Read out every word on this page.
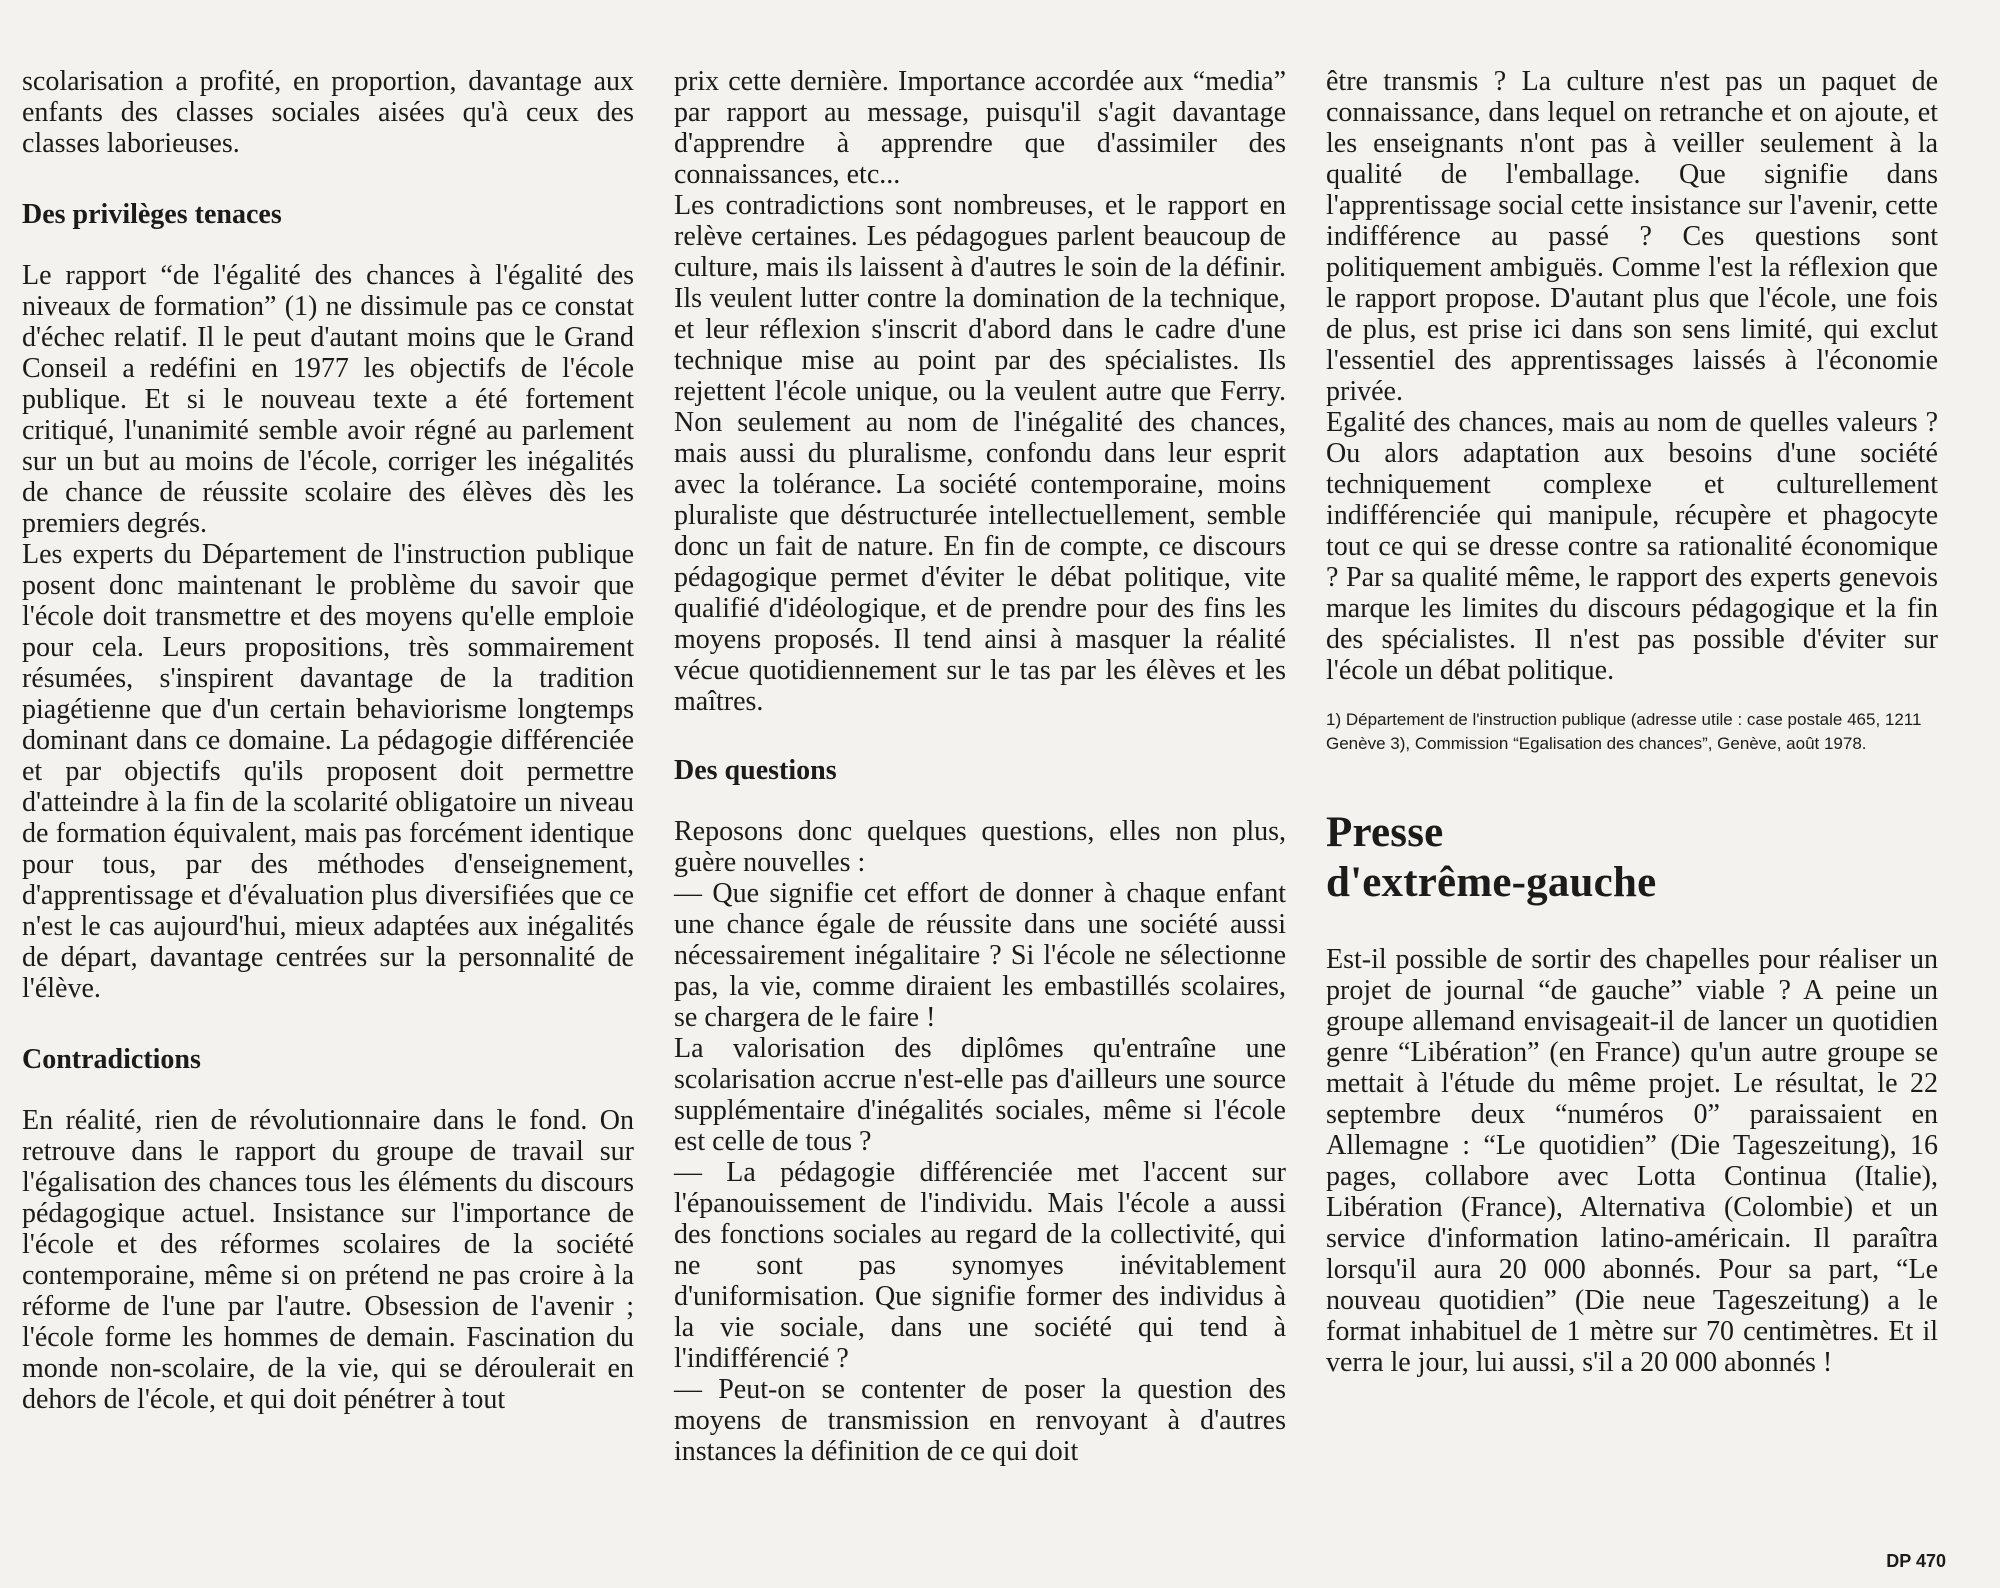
scolarisation a profité, en proportion, davantage aux enfants des classes sociales aisées qu'à ceux des classes laborieuses.

Des privilèges tenaces

Le rapport “de l'égalité des chances à l'égalité des niveaux de formation” (1) ne dissimule pas ce constat d'échec relatif. Il le peut d'autant moins que le Grand Conseil a redéfini en 1977 les objectifs de l'école publique. Et si le nouveau texte a été fortement critiqué, l'unanimité semble avoir régné au parlement sur un but au moins de l'école, corriger les inégalités de chance de réussite scolaire des élèves dès les premiers degrés.

Les experts du Département de l'instruction publique posent donc maintenant le problème du savoir que l'école doit transmettre et des moyens qu'elle emploie pour cela. Leurs propositions, très sommairement résumées, s'inspirent davantage de la tradition piagétienne que d'un certain behaviorisme longtemps dominant dans ce domaine. La pédagogie différenciée et par objectifs qu'ils proposent doit permettre d'atteindre à la fin de la scolarité obligatoire un niveau de formation équivalent, mais pas forcément identique pour tous, par des méthodes d'enseignement, d'apprentissage et d'évaluation plus diversifiées que ce n'est le cas aujourd'hui, mieux adaptées aux inégalités de départ, davantage centrées sur la personnalité de l'élève.

Contradictions

En réalité, rien de révolutionnaire dans le fond. On retrouve dans le rapport du groupe de travail sur l'égalisation des chances tous les éléments du discours pédagogique actuel. Insistance sur l'importance de l'école et des réformes scolaires de la société contemporaine, même si on prétend ne pas croire à la réforme de l'une par l'autre. Obsession de l'avenir ; l'école forme les hommes de demain. Fascination du monde non-scolaire, de la vie, qui se déroulerait en dehors de l'école, et qui doit pénétrer à tout

prix cette dernière. Importance accordée aux “media” par rapport au message, puisqu'il s'agit davantage d'apprendre à apprendre que d'assimiler des connaissances, etc...

Les contradictions sont nombreuses, et le rapport en relève certaines. Les pédagogues parlent beaucoup de culture, mais ils laissent à d'autres le soin de la définir. Ils veulent lutter contre la domination de la technique, et leur réflexion s'inscrit d'abord dans le cadre d'une technique mise au point par des spécialistes. Ils rejettent l'école unique, ou la veulent autre que Ferry. Non seulement au nom de l'inégalité des chances, mais aussi du pluralisme, confondu dans leur esprit avec la tolérance. La société contemporaine, moins pluraliste que déstructurée intellectuellement, semble donc un fait de nature. En fin de compte, ce discours pédagogique permet d'éviter le débat politique, vite qualifié d'idéologique, et de prendre pour des fins les moyens proposés. Il tend ainsi à masquer la réalité vécue quotidiennement sur le tas par les élèves et les maîtres.

Des questions

Reposons donc quelques questions, elles non plus, guère nouvelles :

— Que signifie cet effort de donner à chaque enfant une chance égale de réussite dans une société aussi nécessairement inégalitaire ? Si l'école ne sélectionne pas, la vie, comme diraient les embastillés scolaires, se chargera de le faire !

La valorisation des diplômes qu'entraîne une scolarisation accrue n'est-elle pas d'ailleurs une source supplémentaire d'inégalités sociales, même si l'école est celle de tous ?

— La pédagogie différenciée met l'accent sur l'épanouissement de l'individu. Mais l'école a aussi des fonctions sociales au regard de la collectivité, qui ne sont pas synomyes inévitablement d'uniformisation. Que signifie former des individus à la vie sociale, dans une société qui tend à l'indifférencié ?

— Peut-on se contenter de poser la question des moyens de transmission en renvoyant à d'autres instances la définition de ce qui doit

être transmis ? La culture n'est pas un paquet de connaissance, dans lequel on retranche et on ajoute, et les enseignants n'ont pas à veiller seulement à la qualité de l'emballage. Que signifie dans l'apprentissage social cette insistance sur l'avenir, cette indifférence au passé ? Ces questions sont politiquement ambiguës. Comme l'est la réflexion que le rapport propose. D'autant plus que l'école, une fois de plus, est prise ici dans son sens limité, qui exclut l'essentiel des apprentissages laissés à l'économie privée.

Egalité des chances, mais au nom de quelles valeurs ? Ou alors adaptation aux besoins d'une société techniquement complexe et culturellement indifférenciée qui manipule, récupère et phagocyte tout ce qui se dresse contre sa rationalité économique ? Par sa qualité même, le rapport des experts genevois marque les limites du discours pédagogique et la fin des spécialistes. Il n'est pas possible d'éviter sur l'école un débat politique.

1) Département de l'instruction publique (adresse utile : case postale 465, 1211 Genève 3), Commission “Egalisation des chances”, Genève, août 1978.
Presse
d'extrême-gauche

Est-il possible de sortir des chapelles pour réaliser un projet de journal “de gauche” viable ? A peine un groupe allemand envisageait-il de lancer un quotidien genre “Libération” (en France) qu'un autre groupe se mettait à l'étude du même projet. Le résultat, le 22 septembre deux “numéros 0” paraissaient en Allemagne : “Le quotidien” (Die Tageszeitung), 16 pages, collabore avec Lotta Continua (Italie), Libération (France), Alternativa (Colombie) et un service d'information latino-américain. Il paraîtra lorsqu'il aura 20 000 abonnés. Pour sa part, “Le nouveau quotidien” (Die neue Tageszeitung) a le format inhabituel de 1 mètre sur 70 centimètres. Et il verra le jour, lui aussi, s'il a 20 000 abonnés !

DP 470
